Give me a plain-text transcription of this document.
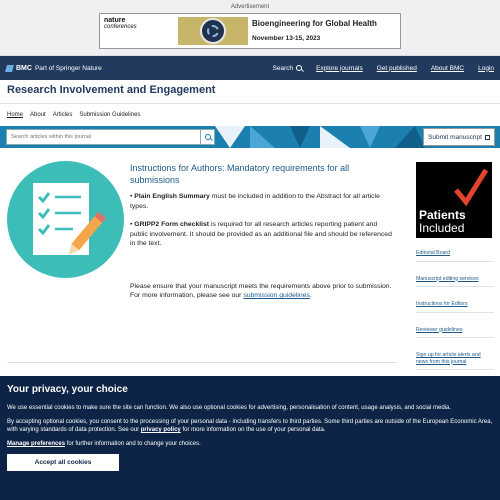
Advertisement
nature
conferences	Bioengineering for Global Health
November 13-15, 2023
BMC Part of Springer Nature	Search	Explore journals Get published About BMC Login
Research Involvement and Engagement
Home About Articles Submission Guidelines
Search articles within this journal
Submit manuscript
Instructions for Authors: Mandatory requirements for all submissions

• Plain English Summary must be included in addition to the Abstract for all article types.

• GRIPP2 Form checklist is required for all research articles reporting patient and public involvement. It should be provided as an additional file and should be referenced in the text.

Please ensure that your manuscript meets the requirements above prior to submission. For more information, please see our submission guidelines.

Patients
Included
Editorial Board
Manuscript editing services
Instructions for Editors
Reviewer guidelines
Sign up for article alerts and news from this journal
Your privacy, your choice

We use essential cookies to make sure the site can function. We also use optional cookies for advertising, personalisation of content, usage analysis, and social media.

By accepting optional cookies, you consent to the processing of your personal data - including transfers to third parties. Some third parties are outside of the European Economic Area, with varying standards of data protection. See our privacy policy for more information on the use of your personal data.

Manage preferences for further information and to change your choices.

Accept all cookies
